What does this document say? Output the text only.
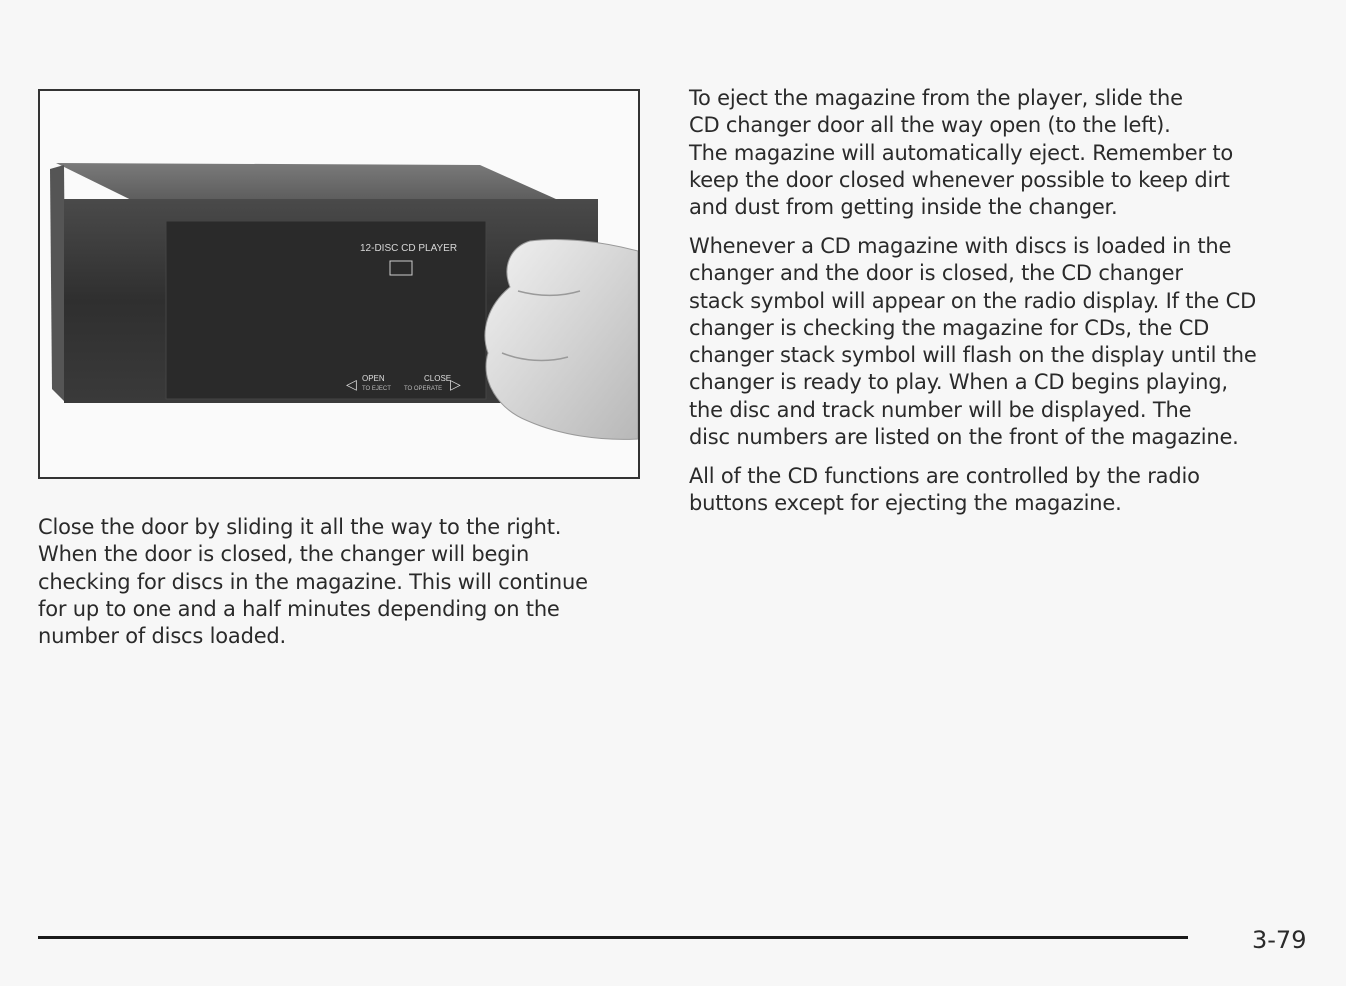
12-DISC CD PLAYER
◁ OPEN
TO EJECT
CLOSE
TO OPERATE ▷

Close the door by sliding it all the way to the right.
When the door is closed, the changer will begin
checking for discs in the magazine. This will continue
for up to one and a half minutes depending on the
number of discs loaded.

To eject the magazine from the player, slide the
CD changer door all the way open (to the left).
The magazine will automatically eject. Remember to
keep the door closed whenever possible to keep dirt
and dust from getting inside the changer.

Whenever a CD magazine with discs is loaded in the
changer and the door is closed, the CD changer
stack symbol will appear on the radio display. If the CD
changer is checking the magazine for CDs, the CD
changer stack symbol will flash on the display until the
changer is ready to play. When a CD begins playing,
the disc and track number will be displayed. The
disc numbers are listed on the front of the magazine.

All of the CD functions are controlled by the radio
buttons except for ejecting the magazine.

3-79
